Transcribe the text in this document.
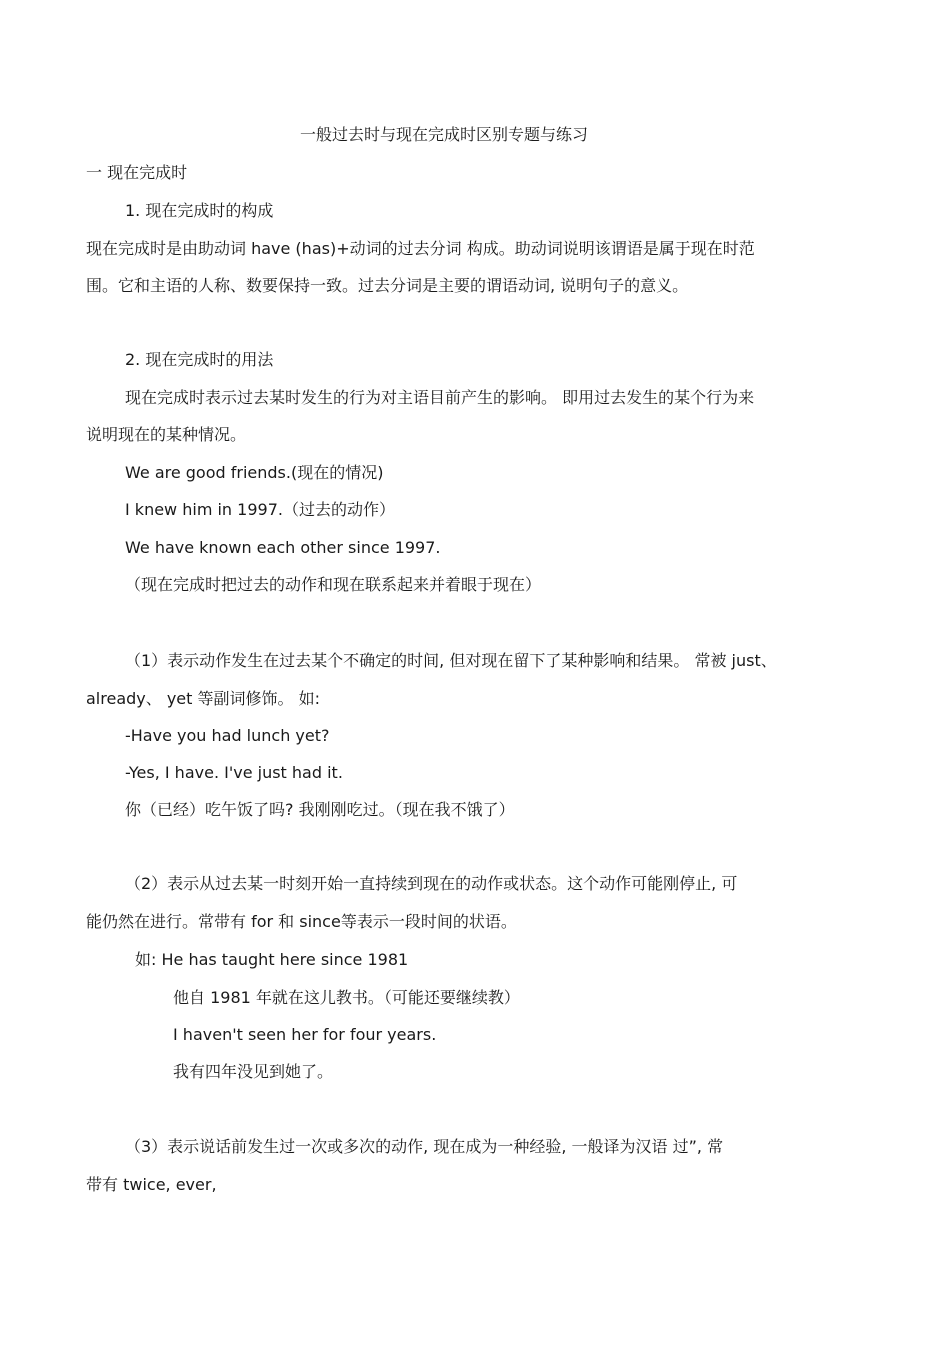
一般过去时与现在完成时区别专题与练习
一 现在完成时
1. 现在完成时的构成
现在完成时是由助动词 have (has)+动词的过去分词 构成。助动词说明该谓语是属于现在时范
围。它和主语的人称、数要保持一致。过去分词是主要的谓语动词, 说明句子的意义。
2. 现在完成时的用法
现在完成时表示过去某时发生的行为对主语目前产生的影响。 即用过去发生的某个行为来
说明现在的某种情况。
We are good friends.(现在的情况)
I knew him in 1997.（过去的动作）
We have known each other since 1997.
（现在完成时把过去的动作和现在联系起来并着眼于现在）
（1）表示动作发生在过去某个不确定的时间, 但对现在留下了某种影响和结果。 常被 just、
already、 yet 等副词修饰。 如:
-Have you had lunch yet?
-Yes, I have. I've just had it.
你（已经）吃午饭了吗? 我刚刚吃过。（现在我不饿了）
（2）表示从过去某一时刻开始一直持续到现在的动作或状态。这个动作可能刚停止, 可
能仍然在进行。常带有 for 和 since等表示一段时间的状语。
如: He has taught here since 1981
他自 1981 年就在这儿教书。（可能还要继续教）
I haven't seen her for four years.
我有四年没见到她了。
（3）表示说话前发生过一次或多次的动作, 现在成为一种经验, 一般译为汉语 过”, 常
带有 twice, ever,
